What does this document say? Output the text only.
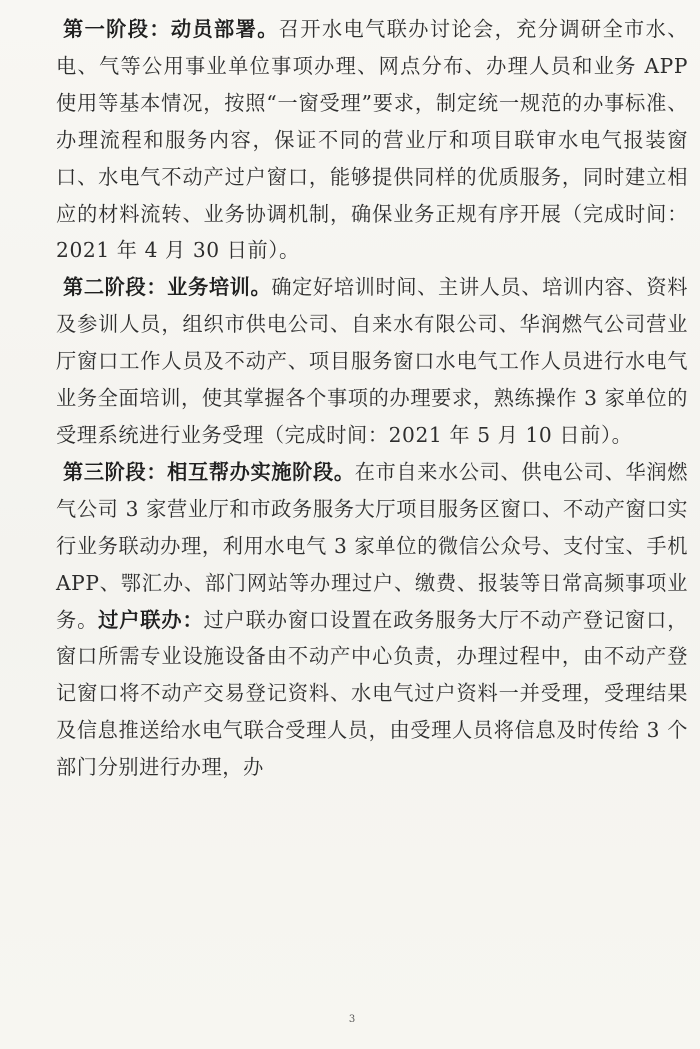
第一阶段：动员部署。召开水电气联办讨论会，充分调研全市水、电、气等公用事业单位事项办理、网点分布、办理人员和业务 APP 使用等基本情况，按照“一窗受理”要求，制定统一规范的办事标准、办理流程和服务内容，保证不同的营业厅和项目联审水电气报装窗口、水电气不动产过户窗口，能够提供同样的优质服务，同时建立相应的材料流转、业务协调机制，确保业务正规有序开展（完成时间：2021 年 4 月 30 日前）。

第二阶段：业务培训。确定好培训时间、主讲人员、培训内容、资料及参训人员，组织市供电公司、自来水有限公司、华润燃气公司营业厅窗口工作人员及不动产、项目服务窗口水电气工作人员进行水电气业务全面培训，使其掌握各个事项的办理要求，熟练操作 3 家单位的受理系统进行业务受理（完成时间：2021 年 5 月 10 日前）。

第三阶段：相互帮办实施阶段。在市自来水公司、供电公司、华润燃气公司 3 家营业厅和市政务服务大厅项目服务区窗口、不动产窗口实行业务联动办理，利用水电气 3 家单位的微信公众号、支付宝、手机 APP、鄂汇办、部门网站等办理过户、缴费、报装等日常高频事项业务。过户联办：过户联办窗口设置在政务服务大厅不动产登记窗口，窗口所需专业设施设备由不动产中心负责，办理过程中，由不动产登记窗口将不动产交易登记资料、水电气过户资料一并受理，受理结果及信息推送给水电气联合受理人员，由受理人员将信息及时传给 3 个部门分别进行办理，办

3
